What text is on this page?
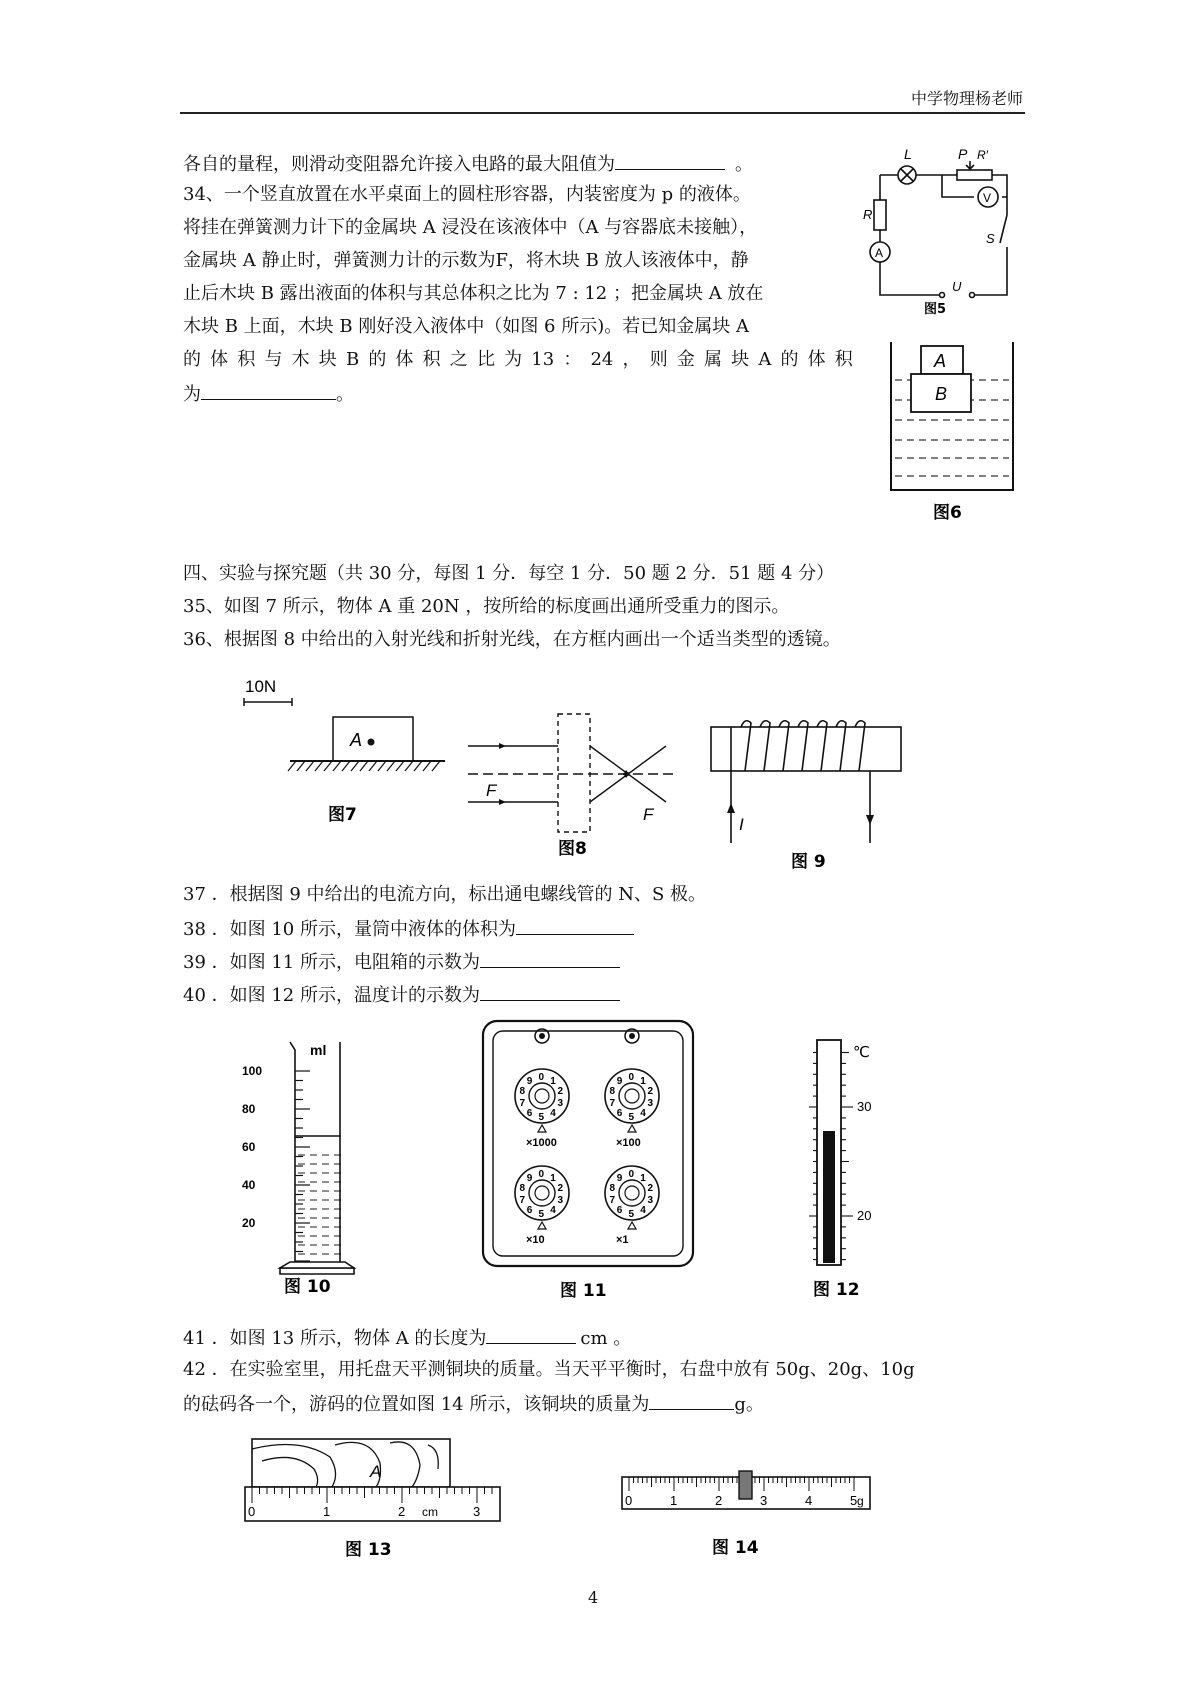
中学物理杨老师
各自的量程，则滑动变阻器允许接入电路的最大阻值为	。
34、一个竖直放置在水平桌面上的圆柱形容器，内装密度为 p 的液体。
将挂在弹簧测力计下的金属块 A 浸没在该液体中（A 与容器底未接触），
金属块 A 静止时，弹簧测力计的示数为F，将木块 B 放人该液体中，静
止后木块 B 露出液面的体积与其总体积之比为 7 : 12 ；把金属块 A 放在
木块 B 上面，木块 B 刚好没入液体中（如图 6 所示)。若已知金属块 A
的 体 积 与 木 块 B 的 体 积 之 比 为 13 ： 24 ， 则 金 属 块 A 的 体 积
为	。
L	P R′
R
V
A
S
U
图5
A
B
图6
四、实验与探究题（共 30 分，每图 1 分．每空 1 分．50 题 2 分．51 题 4 分）
35、如图 7 所示，物体 A 重 20N ，按所给的标度画出通所受重力的图示。
36、根据图 8 中给出的入射光线和折射光线，在方框内画出一个适当类型的透镜。
10N
A
图7
F
F
图8
I
图 9
37 ．根据图 9 中给出的电流方向，标出通电螺线管的 N、S 极。
38 ．如图 10 所示，量筒中液体的体积为
39 ．如图 11 所示，电阻箱的示数为
40 ．如图 12 所示，温度计的示数为
100
80
60
40
20
ml
图 10
0 1
2
3
4
5
6
7
8
9
×1000
0 1
2
3
4
5
6
7
8
9
×100
0 1
2
3
4
5
6
7
8
9
×10
0 1
2
3
4
5
6
7
8
9
×1
图 11
℃
30
20
图 12
41 ．如图 13 所示，物体 A 的长度为	cm 。
42 ．在实验室里，用托盘天平测铜块的质量。当天平平衡时，右盘中放有 50g、20g、10g
的砝码各一个，游码的位置如图 14 所示，该铜块的质量为	g。
A
0	1	2	3
cm
图 13
0	1	2	3	4	5 g
图 14
4
